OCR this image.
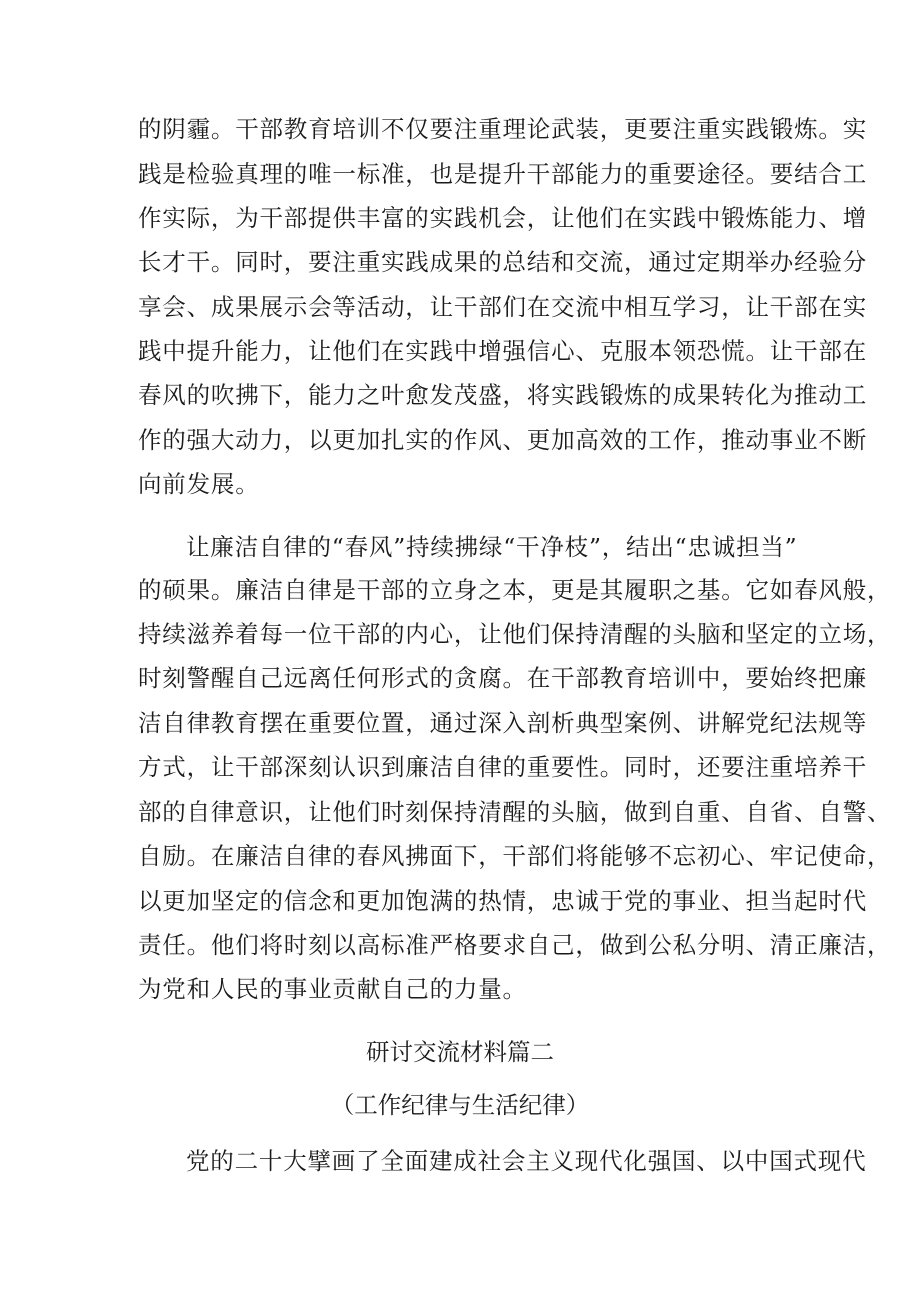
的阴霾。干部教育培训不仅要注重理论武装，更要注重实践锻炼。实
践是检验真理的唯一标准，也是提升干部能力的重要途径。要结合工
作实际，为干部提供丰富的实践机会，让他们在实践中锻炼能力、增
长才干。同时，要注重实践成果的总结和交流，通过定期举办经验分
享会、成果展示会等活动，让干部们在交流中相互学习，让干部在实
践中提升能力，让他们在实践中增强信心、克服本领恐慌。让干部在
春风的吹拂下，能力之叶愈发茂盛，将实践锻炼的成果转化为推动工
作的强大动力，以更加扎实的作风、更加高效的工作，推动事业不断
向前发展。
让廉洁自律的“春风”持续拂绿“干净枝”，结出“忠诚担当”
的硕果。廉洁自律是干部的立身之本，更是其履职之基。它如春风般，
持续滋养着每一位干部的内心，让他们保持清醒的头脑和坚定的立场，
时刻警醒自己远离任何形式的贪腐。在干部教育培训中，要始终把廉
洁自律教育摆在重要位置，通过深入剖析典型案例、讲解党纪法规等
方式，让干部深刻认识到廉洁自律的重要性。同时，还要注重培养干
部的自律意识，让他们时刻保持清醒的头脑，做到自重、自省、自警、
自励。在廉洁自律的春风拂面下，干部们将能够不忘初心、牢记使命，
以更加坚定的信念和更加饱满的热情，忠诚于党的事业、担当起时代
责任。他们将时刻以高标准严格要求自己，做到公私分明、清正廉洁，
为党和人民的事业贡献自己的力量。
研讨交流材料篇二
（工作纪律与生活纪律）
党的二十大擘画了全面建成社会主义现代化强国、以中国式现代
